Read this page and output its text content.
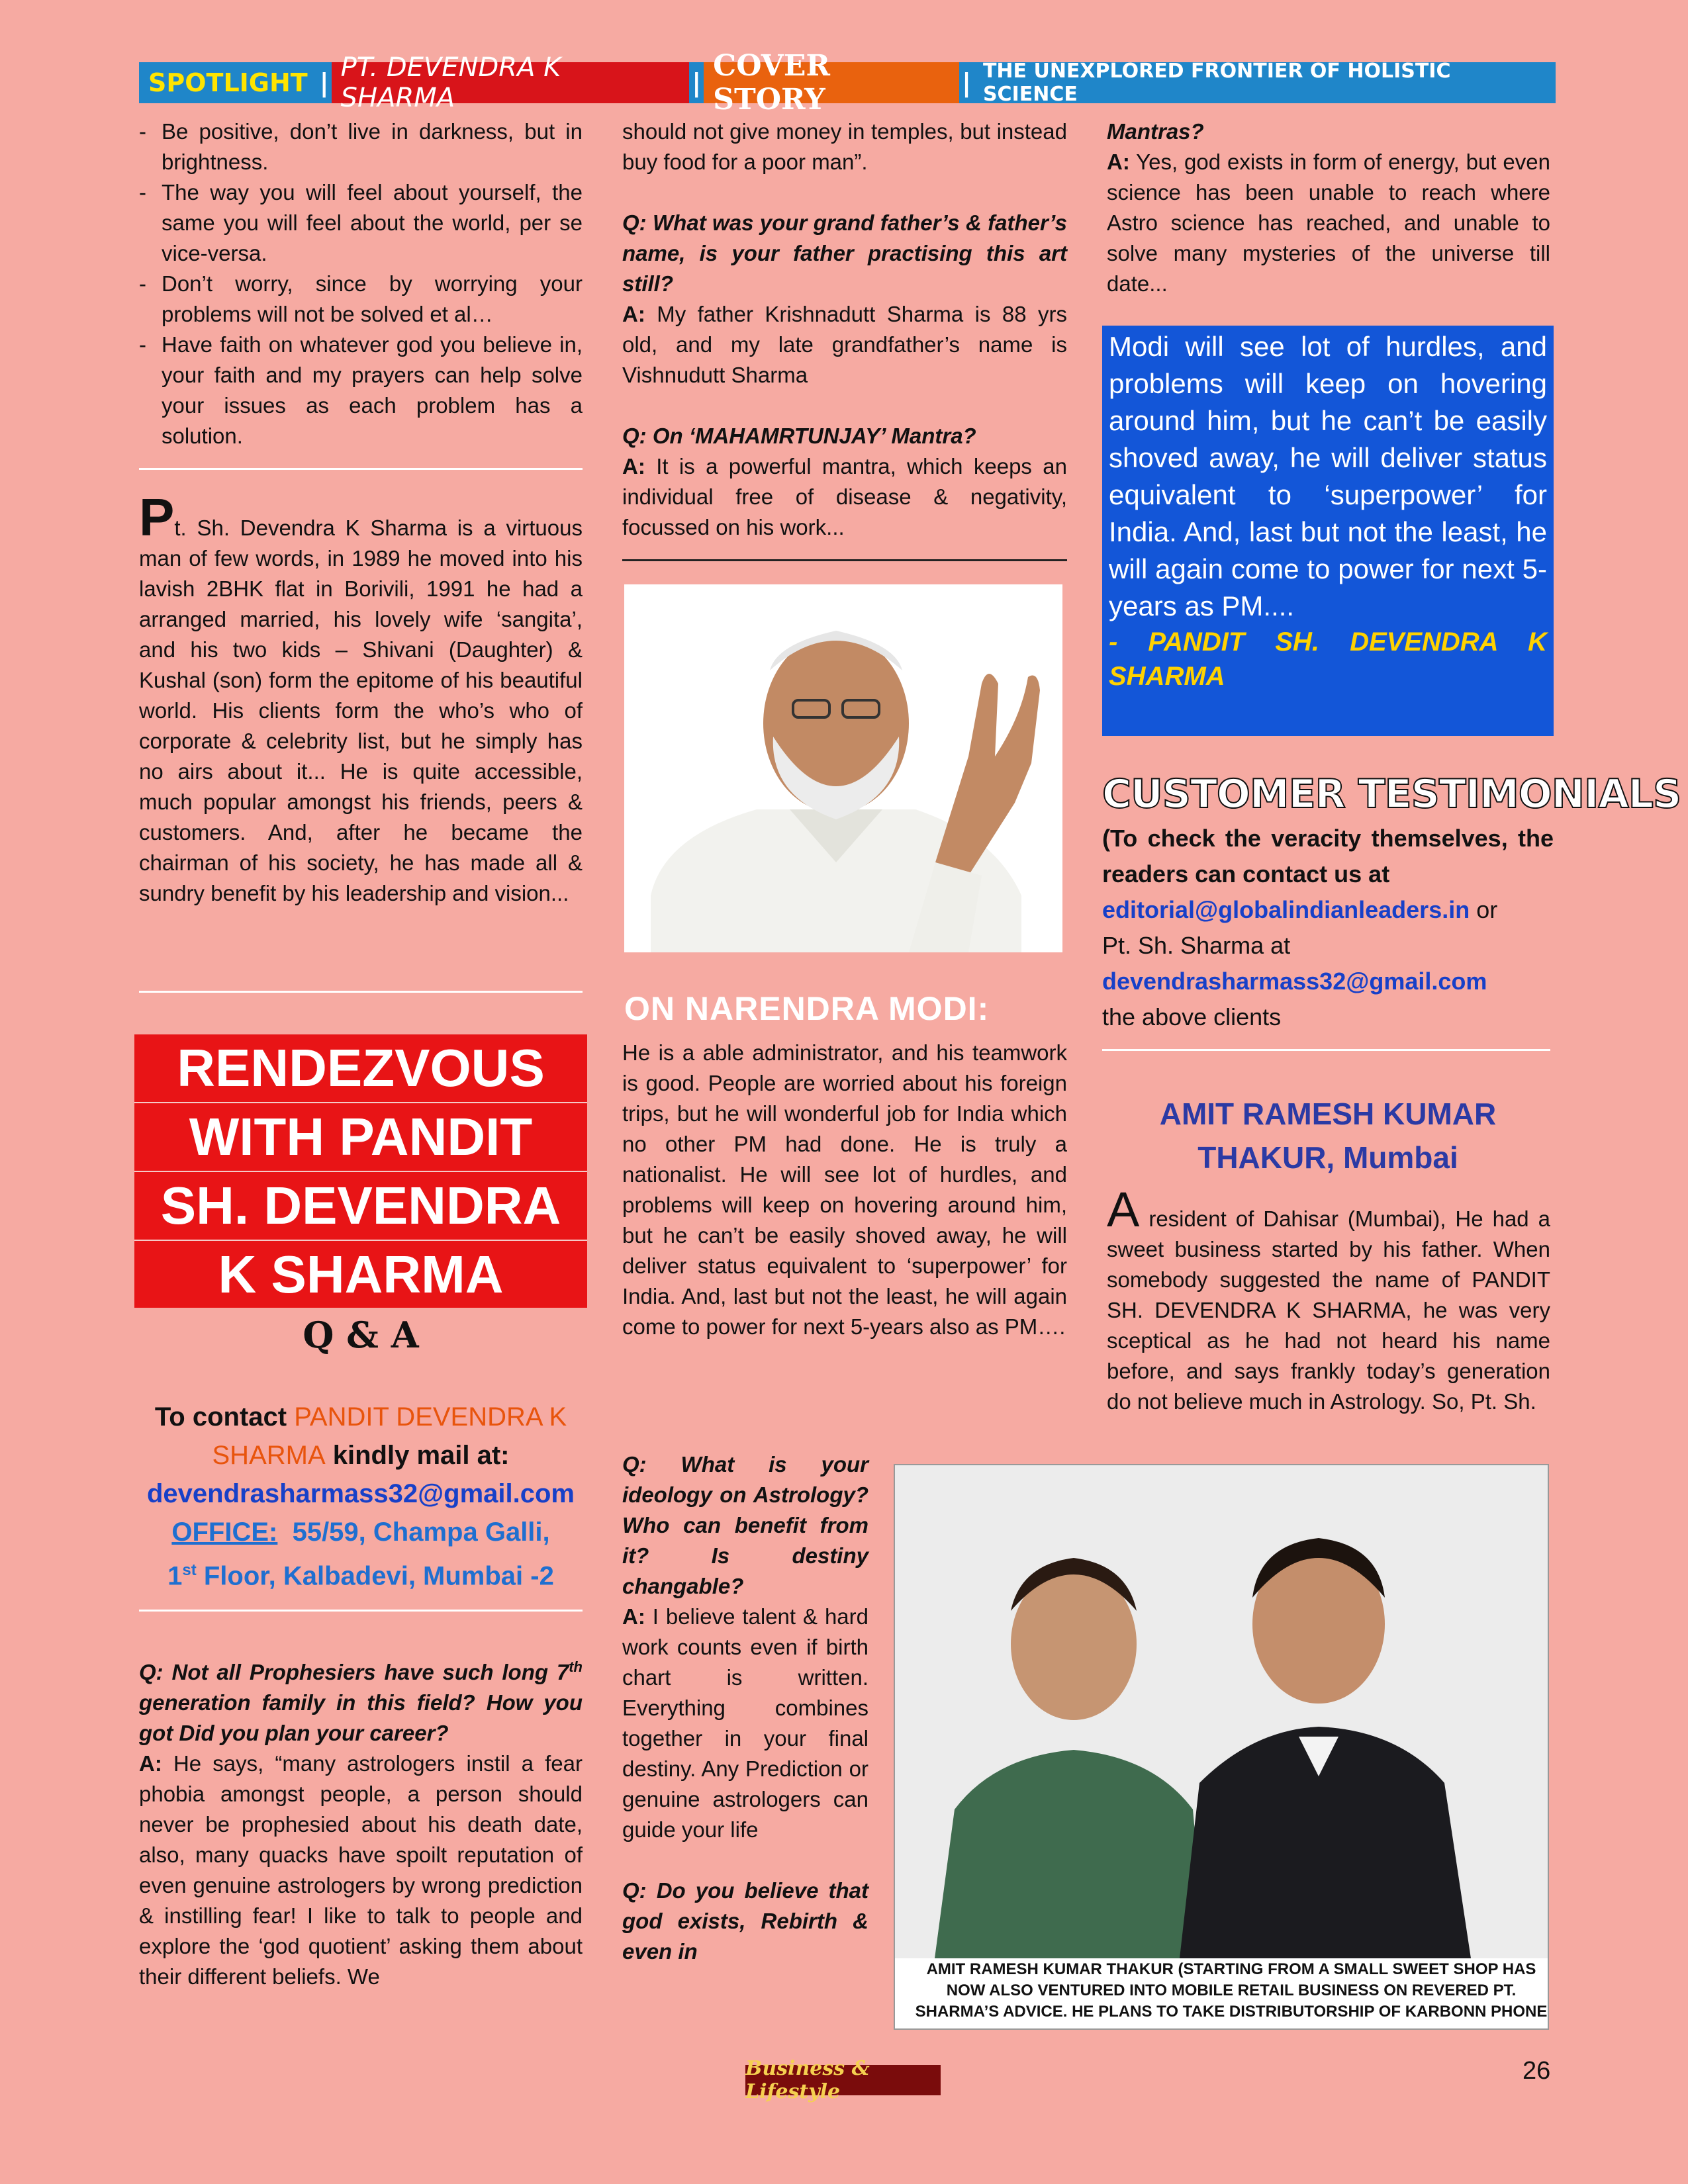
SPOTLIGHT | PT. DEVENDRA K SHARMA	| COVER STORY	| THE UNEXPLORED FRONTIER OF HOLISTIC SCIENCE
- Be positive, don’t live in darkness, but in brightness.
- The way you will feel about yourself, the same you will feel about the world, per se vice-versa.
- Don’t worry, since by worrying your problems will not be solved et al…
- Have faith on whatever god you believe in, your faith and my prayers can help solve your issues as each problem has a solution.

Pt. Sh. Devendra K Sharma is a virtuous man of few words, in 1989 he moved into his lavish 2BHK flat in Borivili, 1991 he had a arranged married, his lovely wife ‘sangita’, and his two kids – Shivani (Daughter) & Kushal (son) form the epitome of his beautiful world. His clients form the who’s who of corporate & celebrity list, but he simply has no airs about it... He is quite accessible, much popular amongst his friends, peers & customers. And, after he became the chairman of his society, he has made all & sundry benefit by his leadership and vision...

RENDEZVOUS
WITH PANDIT
SH. DEVENDRA
K SHARMA
Q & A
To contact PANDIT DEVENDRA K SHARMA kindly mail at:
devendrasharmass32@gmail.com
OFFICE: 55/59, Champa Galli,
1st Floor, Kalbadevi, Mumbai -2

Q: Not all Prophesiers have such long 7th generation family in this field? How you got Did you plan your career?

A: He says, “many astrologers instil a fear phobia amongst people, a person should never be prophesied about his death date, also, many quacks have spoilt reputation of even genuine astrologers by wrong prediction & instilling fear! I like to talk to people and explore the ‘god quotient’ asking them about their different beliefs. We

should not give money in temples, but instead buy food for a poor man”.

Q: What was your grand father’s & father’s name, is your father practising this art still?

A: My father Krishnadutt Sharma is 88 yrs old, and my late grandfather’s name is Vishnudutt Sharma

Q: On ‘MAHAMRTUNJAY’ Mantra?

A: It is a powerful mantra, which keeps an individual free of disease & negativity, focussed on his work...

ON NARENDRA MODI:
He is a able administrator, and his teamwork is good. People are worried about his foreign trips, but he will wonderful job for India which no other PM had done. He is truly a nationalist. He will see lot of hurdles, and problems will keep on hovering around him, but he can’t be easily shoved away, he will deliver status equivalent to ‘superpower’ for India. And, last but not the least, he will again come to power for next 5-years also as PM….

Q: What is your ideology on Astrology? Who can benefit from it? Is destiny changable?

A: I believe talent & hard work counts even if birth chart is written. Everything combines together in your final destiny. Any Prediction or genuine astrologers can guide your life

Q: Do you believe that god exists, Rebirth & even in

Mantras?

A: Yes, god exists in form of energy, but even science has been unable to reach where Astro science has reached, and unable to solve many mysteries of the universe till date...

Modi will see lot of hurdles, and problems will keep on hovering around him, but he can’t be easily shoved away, he will deliver status equivalent to ‘superpower’ for India. And, last but not the least, he will again come to power for next 5-years as PM....
- PANDIT SH. DEVENDRA K SHARMA
CUSTOMER TESTIMONIALS

(To check the veracity themselves, the readers can contact us at

editorial@globalindianleaders.in or

Pt. Sh. Sharma at

devendrasharmass32@gmail.com

the above clients

AMIT RAMESH KUMAR THAKUR, Mumbai

A resident of Dahisar (Mumbai), He had a sweet business started by his father. When somebody suggested the name of PANDIT SH. DEVENDRA K SHARMA, he was very sceptical as he had not heard his name before, and says frankly today’s generation do not believe much in Astrology. So, Pt. Sh.

AMIT RAMESH KUMAR THAKUR (STARTING FROM A SMALL SWEET SHOP HAS NOW ALSO VENTURED INTO MOBILE RETAIL BUSINESS ON REVERED PT. SHARMA’S ADVICE. HE PLANS TO TAKE DISTRIBUTORSHIP OF KARBONN PHONE
Business & Lifestyle
26
